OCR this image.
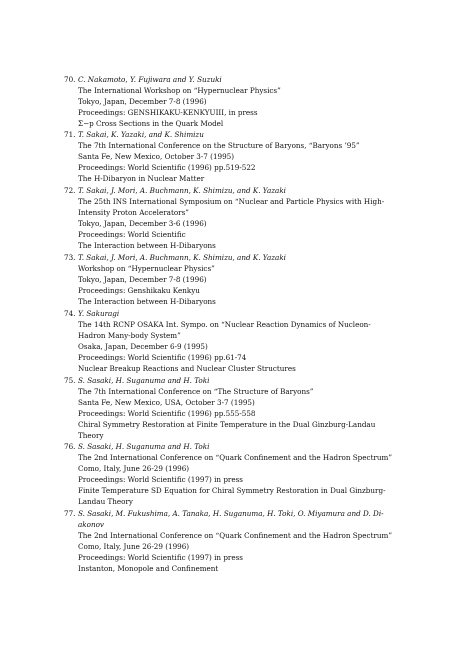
70. C. Nakamoto, Y. Fujiwara and Y. Suzuki
The International Workshop on “Hypernuclear Physics”
Tokyo, Japan, December 7-8 (1996)
Proceedings: GENSHIKAKU-KENKYUIII, in press
Σ−p Cross Sections in the Quark Model
71. T. Sakai, K. Yazaki, and K. Shimizu
The 7th International Conference on the Structure of Baryons, “Baryons ’95”
Santa Fe, New Mexico, October 3-7 (1995)
Proceedings: World Scientific (1996) pp.519-522
The H-Dibaryon in Nuclear Matter
72. T. Sakai, J. Mori, A. Buchmann, K. Shimizu, and K. Yazaki
The 25th INS International Symposium on “Nuclear and Particle Physics with High-
Intensity Proton Accelerators”
Tokyo, Japan, December 3-6 (1996)
Proceedings: World Scientific
The Interaction between H-Dibaryons
73. T. Sakai, J. Mori, A. Buchmann, K. Shimizu, and K. Yazaki
Workshop on “Hypernuclear Physics”
Tokyo, Japan, December 7-8 (1996)
Proceedings: Genshikaku Kenkyu
The Interaction between H-Dibaryons
74. Y. Sakuragi
The 14th RCNP OSAKA Int. Sympo. on “Nuclear Reaction Dynamics of Nucleon-
Hadron Many-body System”
Osaka, Japan, December 6-9 (1995)
Proceedings: World Scientific (1996) pp.61-74
Nuclear Breakup Reactions and Nuclear Cluster Structures
75. S. Sasaki, H. Suganuma and H. Toki
The 7th International Conference on “The Structure of Baryons”
Santa Fe, New Mexico, USA, October 3-7 (1995)
Proceedings: World Scientific (1996) pp.555-558
Chiral Symmetry Restoration at Finite Temperature in the Dual Ginzburg-Landau
Theory
76. S. Sasaki, H. Suganuma and H. Toki
The 2nd International Conference on “Quark Confinement and the Hadron Spectrum”
Como, Italy, June 26-29 (1996)
Proceedings: World Scientific (1997) in press
Finite Temperature SD Equation for Chiral Symmetry Restoration in Dual Ginzburg-
Landau Theory
77. S. Sasaki, M. Fukushima, A. Tanaka, H. Suganuma, H. Toki, O. Miyamura and D. Di-
akonov
The 2nd International Conference on “Quark Confinement and the Hadron Spectrum”
Como, Italy, June 26-29 (1996)
Proceedings: World Scientific (1997) in press
Instanton, Monopole and Confinement
